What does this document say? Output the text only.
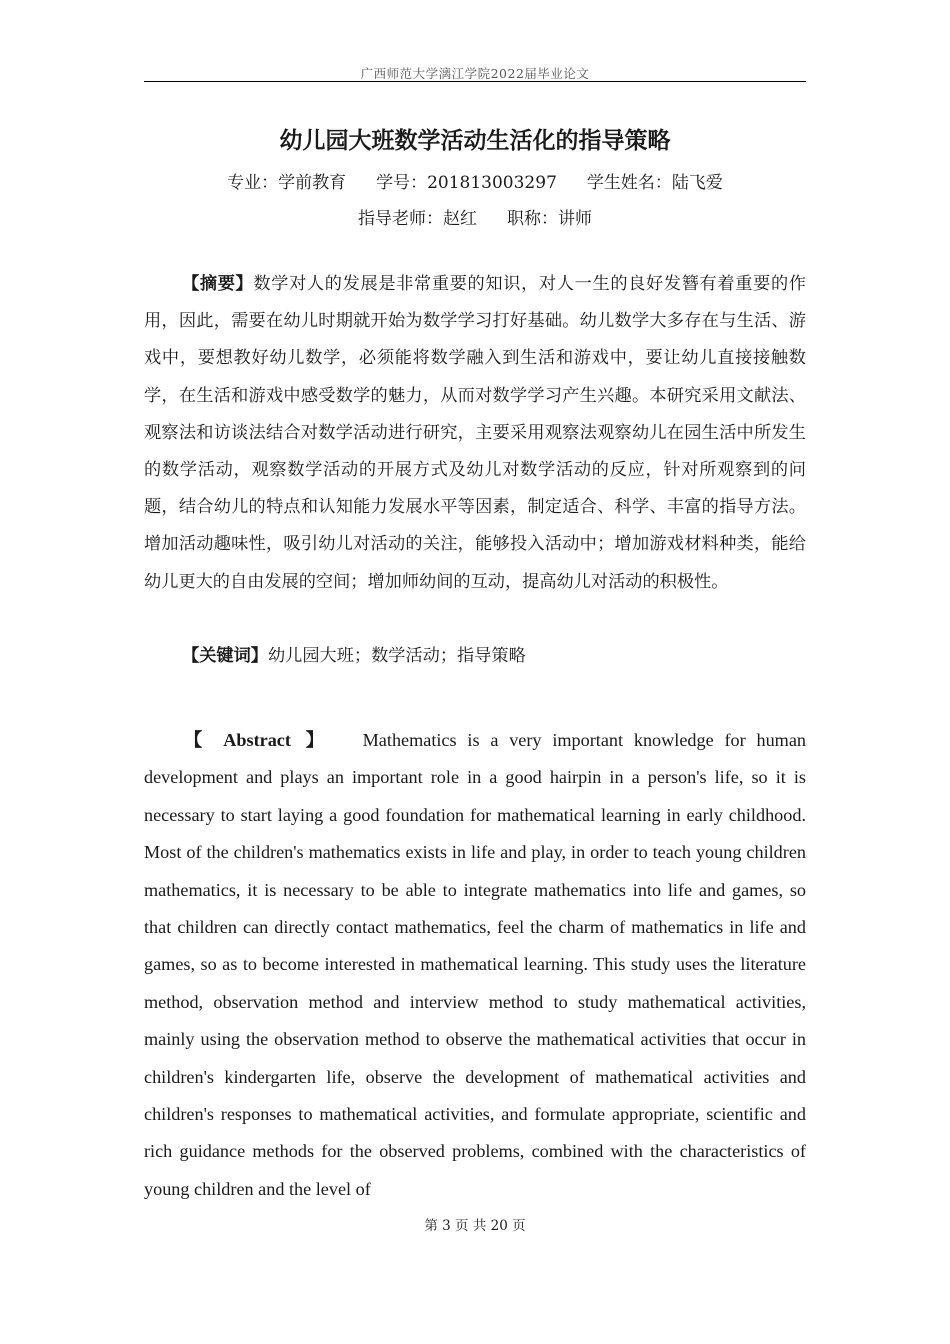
广西师范大学漓江学院2022届毕业论文
幼儿园大班数学活动生活化的指导策略
专业：学前教育 学号：201813003297 学生姓名：陆飞爱
指导老师：赵红 职称：讲师

【摘要】数学对人的发展是非常重要的知识，对人一生的良好发簪有着重要的作用，因此，需要在幼儿时期就开始为数学学习打好基础。幼儿数学大多存在与生活、游戏中，要想教好幼儿数学，必须能将数学融入到生活和游戏中，要让幼儿直接接触数学，在生活和游戏中感受数学的魅力，从而对数学学习产生兴趣。本研究采用文献法、观察法和访谈法结合对数学活动进行研究，主要采用观察法观察幼儿在园生活中所发生的数学活动，观察数学活动的开展方式及幼儿对数学活动的反应，针对所观察到的问题，结合幼儿的特点和认知能力发展水平等因素，制定适合、科学、丰富的指导方法。增加活动趣味性，吸引幼儿对活动的关注，能够投入活动中；增加游戏材料种类，能给幼儿更大的自由发展的空间；增加师幼间的互动，提高幼儿对活动的积极性。

【关键词】幼儿园大班；数学活动；指导策略

【 Abstract 】 Mathematics is a very important knowledge for human development and plays an important role in a good hairpin in a person's life, so it is necessary to start laying a good foundation for mathematical learning in early childhood. Most of the children's mathematics exists in life and play, in order to teach young children mathematics, it is necessary to be able to integrate mathematics into life and games, so that children can directly contact mathematics, feel the charm of mathematics in life and games, so as to become interested in mathematical learning. This study uses the literature method, observation method and interview method to study mathematical activities, mainly using the observation method to observe the mathematical activities that occur in children's kindergarten life, observe the development of mathematical activities and children's responses to mathematical activities, and formulate appropriate, scientific and rich guidance methods for the observed problems, combined with the characteristics of young children and the level of

第 3 页 共 20 页
